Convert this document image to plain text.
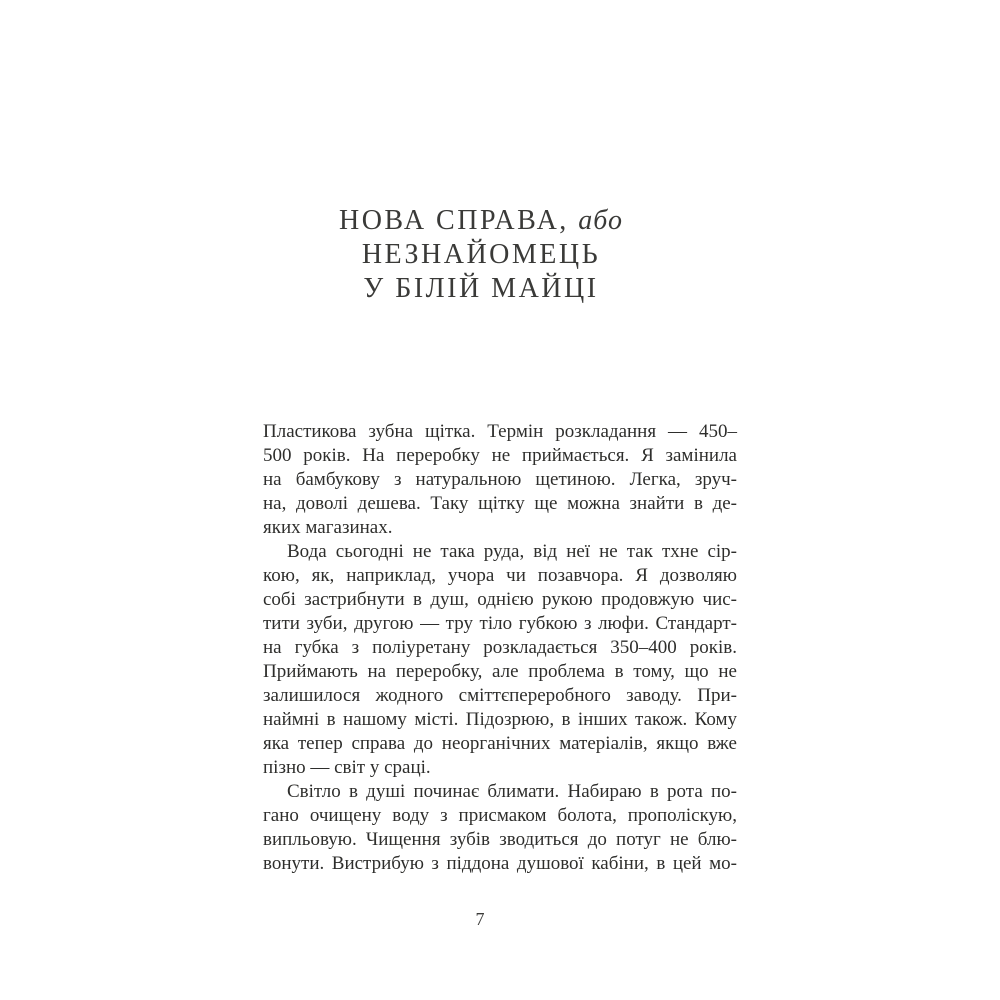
НОВА СПРАВА, або
НЕЗНАЙОМЕЦЬ
У БІЛІЙ МАЙЦІ
Пластикова зубна щітка. Термін розкладання — 450–
500 років. На переробку не приймається. Я замінила
на бамбукову з натуральною щетиною. Легка, зруч-
на, доволі дешева. Таку щітку ще можна знайти в де-
яких магазинах.
Вода сьогодні не така руда, від неї не так тхне сір-
кою, як, наприклад, учора чи позавчора. Я дозволяю
собі застрибнути в душ, однією рукою продовжую чис-
тити зуби, другою — тру тіло губкою з люфи. Стандарт-
на губка з поліуретану розкладається 350–400 років.
Приймають на переробку, але проблема в тому, що не
залишилося жодного сміттєпереробного заводу. При-
наймні в нашому місті. Підозрюю, в інших також. Кому
яка тепер справа до неорганічних матеріалів, якщо вже
пізно — світ у сраці.
Світло в душі починає блимати. Набираю в рота по-
гано очищену воду з присмаком болота, прополіскую,
випльовую. Чищення зубів зводиться до потуг не блю-
вонути. Вистрибую з піддона душової кабіни, в цей мо-
7
